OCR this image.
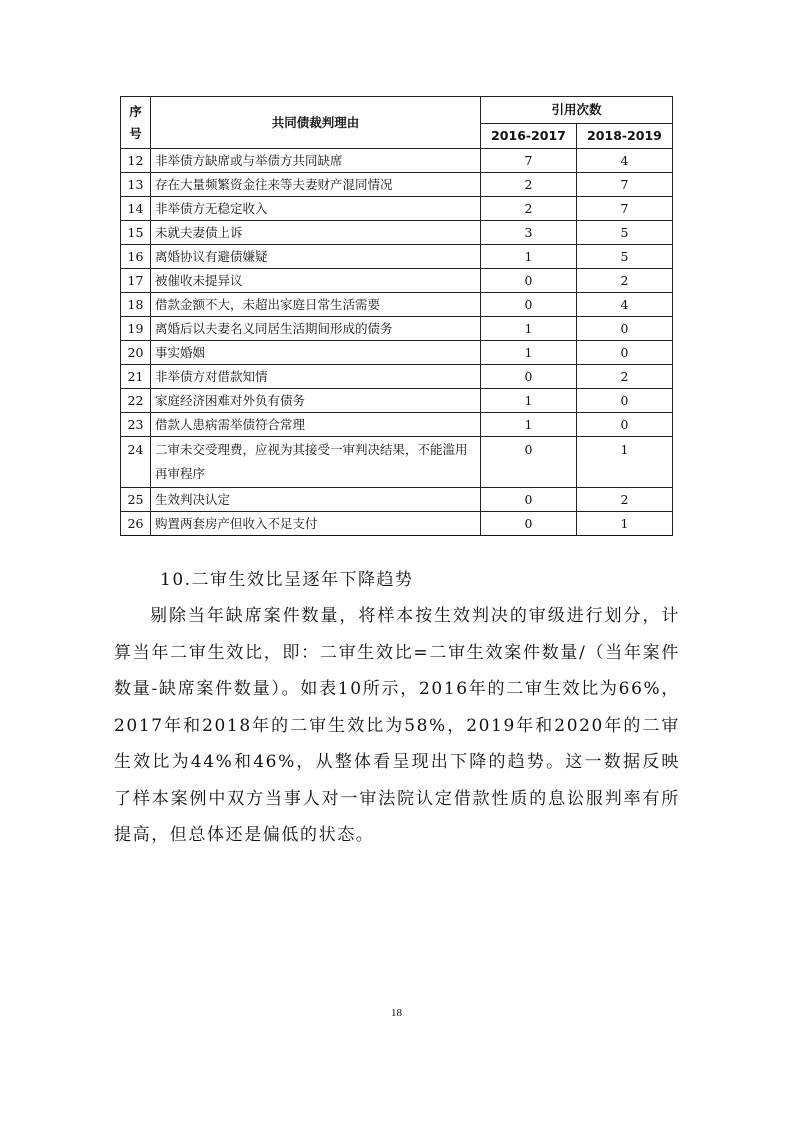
序号	共同债裁判理由	引用次数	
		2016-2017	2018-2019
12	非举债方缺席或与举债方共同缺席	7	4
13	存在大量频繁资金往来等夫妻财产混同情况	2	7
14	非举债方无稳定收入	2	7
15	未就夫妻债上诉	3	5
16	离婚协议有避债嫌疑	1	5
17	被催收未提异议	0	2
18	借款金额不大，未超出家庭日常生活需要	0	4
19	离婚后以夫妻名义同居生活期间形成的债务	1	0
20	事实婚姻	1	0
21	非举债方对借款知情	0	2
22	家庭经济困难对外负有债务	1	0
23	借款人患病需举债符合常理	1	0
24	二审未交受理费，应视为其接受一审判决结果，不能滥用再审程序	0	1
25	生效判决认定	0	2
26	购置两套房产但收入不足支付	0	1
10.二审生效比呈逐年下降趋势

剔除当年缺席案件数量，将样本按生效判决的审级进行划分，计算当年二审生效比，即：二审生效比=二审生效案件数量/（当年案件数量-缺席案件数量）。如表10所示，2016年的二审生效比为66%，2017年和2018年的二审生效比为58%，2019年和2020年的二审生效比为44%和46%，从整体看呈现出下降的趋势。这一数据反映了样本案例中双方当事人对一审法院认定借款性质的息讼服判率有所提高，但总体还是偏低的状态。

18
